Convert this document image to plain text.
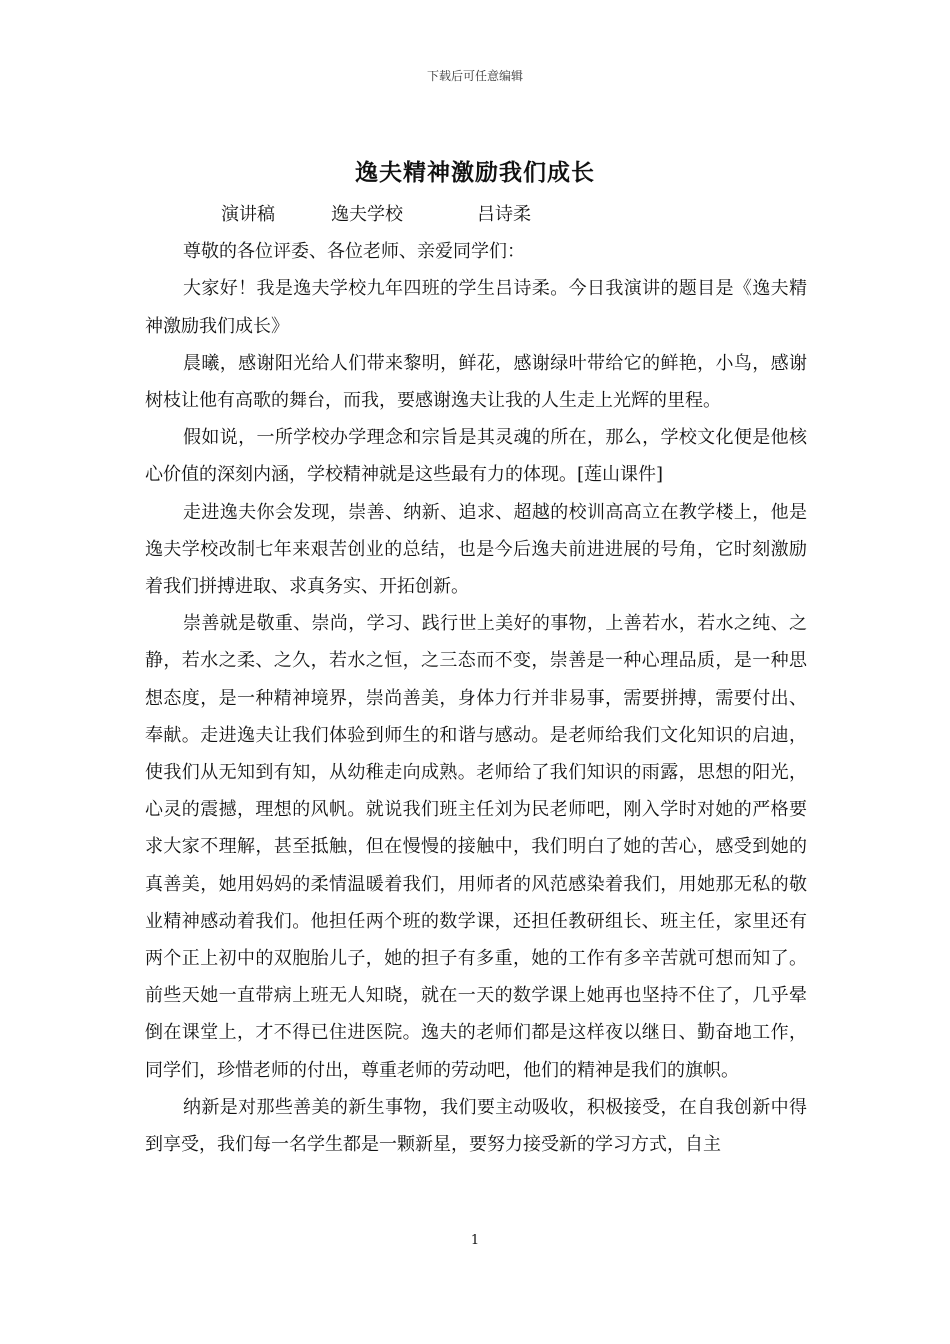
下载后可任意编辑
逸夫精神激励我们成长

演讲稿	逸夫学校	吕诗柔

尊敬的各位评委、各位老师、亲爱同学们：

大家好！我是逸夫学校九年四班的学生吕诗柔。今日我演讲的题目是《逸夫精神激励我们成长》

晨曦，感谢阳光给人们带来黎明，鲜花，感谢绿叶带给它的鲜艳，小鸟，感谢树枝让他有高歌的舞台，而我，要感谢逸夫让我的人生走上光辉的里程。

假如说，一所学校办学理念和宗旨是其灵魂的所在，那么，学校文化便是他核心价值的深刻内涵，学校精神就是这些最有力的体现。[莲山课件]

走进逸夫你会发现，崇善、纳新、追求、超越的校训高高立在教学楼上，他是逸夫学校改制七年来艰苦创业的总结，也是今后逸夫前进进展的号角，它时刻激励着我们拼搏进取、求真务实、开拓创新。

崇善就是敬重、崇尚，学习、践行世上美好的事物，上善若水，若水之纯、之静，若水之柔、之久，若水之恒，之三态而不变，崇善是一种心理品质，是一种思想态度，是一种精神境界，崇尚善美，身体力行并非易事，需要拼搏，需要付出、奉献。走进逸夫让我们体验到师生的和谐与感动。是老师给我们文化知识的启迪，使我们从无知到有知，从幼稚走向成熟。老师给了我们知识的雨露，思想的阳光，心灵的震撼，理想的风帆。就说我们班主任刘为民老师吧，刚入学时对她的严格要求大家不理解，甚至抵触，但在慢慢的接触中，我们明白了她的苦心，感受到她的真善美，她用妈妈的柔情温暖着我们，用师者的风范感染着我们，用她那无私的敬业精神感动着我们。他担任两个班的数学课，还担任教研组长、班主任，家里还有两个正上初中的双胞胎儿子，她的担子有多重，她的工作有多辛苦就可想而知了。前些天她一直带病上班无人知晓，就在一天的数学课上她再也坚持不住了，几乎晕倒在课堂上，才不得已住进医院。逸夫的老师们都是这样夜以继日、勤奋地工作，同学们，珍惜老师的付出，尊重老师的劳动吧，他们的精神是我们的旗帜。

纳新是对那些善美的新生事物，我们要主动吸收，积极接受，在自我创新中得到享受，我们每一名学生都是一颗新星，要努力接受新的学习方式，自主

1
